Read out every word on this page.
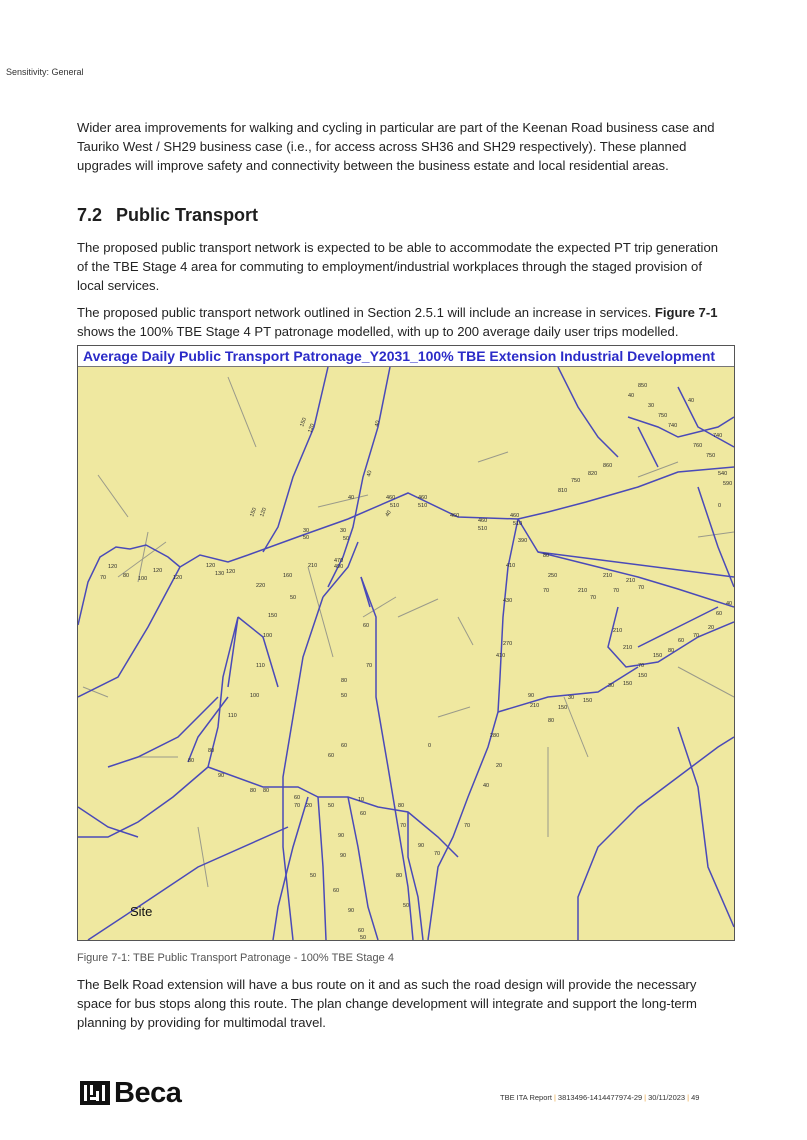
Sensitivity: General

Wider area improvements for walking and cycling in particular are part of the Keenan Road business case and Tauriko West / SH29 business case (i.e., for access across SH36 and SH29 respectively). These planned upgrades will improve safety and connectivity between the business estate and local residential areas.

7.2 Public Transport

The proposed public transport network is expected to be able to accommodate the expected PT trip generation of the TBE Stage 4 area for commuting to employment/industrial workplaces through the staged provision of local services.

The proposed public transport network outlined in Section 2.5.1 will include an increase in services. Figure 7-1 shows the 100% TBE Stage 4 PT patronage modelled, with up to 200 average daily user trips modelled.

Average Daily Public Transport Patronage_Y2031_100% TBE Extension Industrial Development
150
120	40
40
40	460
510
460
510
460
460
510
460
510
80
150 120
30
50
30
50
470
490
70
120
100
80
120
120
120
130 120
220
160
210
50
150
100
110
100
110
80
80
90
80 80
60
70 20	50
10
60
80
70
90
70
40
80
50
60
60
70
60
0
280
410
430
270
410
390
90
210
80
150
30 150
30 150
150
250
70	210
70
210
70
210
70
210
210
70
150
80
60
70
20
60
40
820
860
810
750
750
740
760
750
540
590
40
850
30
40
740
0
90
90
50
60
90
60
50
80
50
70
40
20
Site

Figure 7-1: TBE Public Transport Patronage - 100% TBE Stage 4

The Belk Road extension will have a bus route on it and as such the road design will provide the necessary space for bus stops along this route. The plan change development will integrate and support the long-term planning by providing for multimodal travel.

Beca	TBE ITA Report | 3813496-1414477974-29 | 30/11/2023 | 49
